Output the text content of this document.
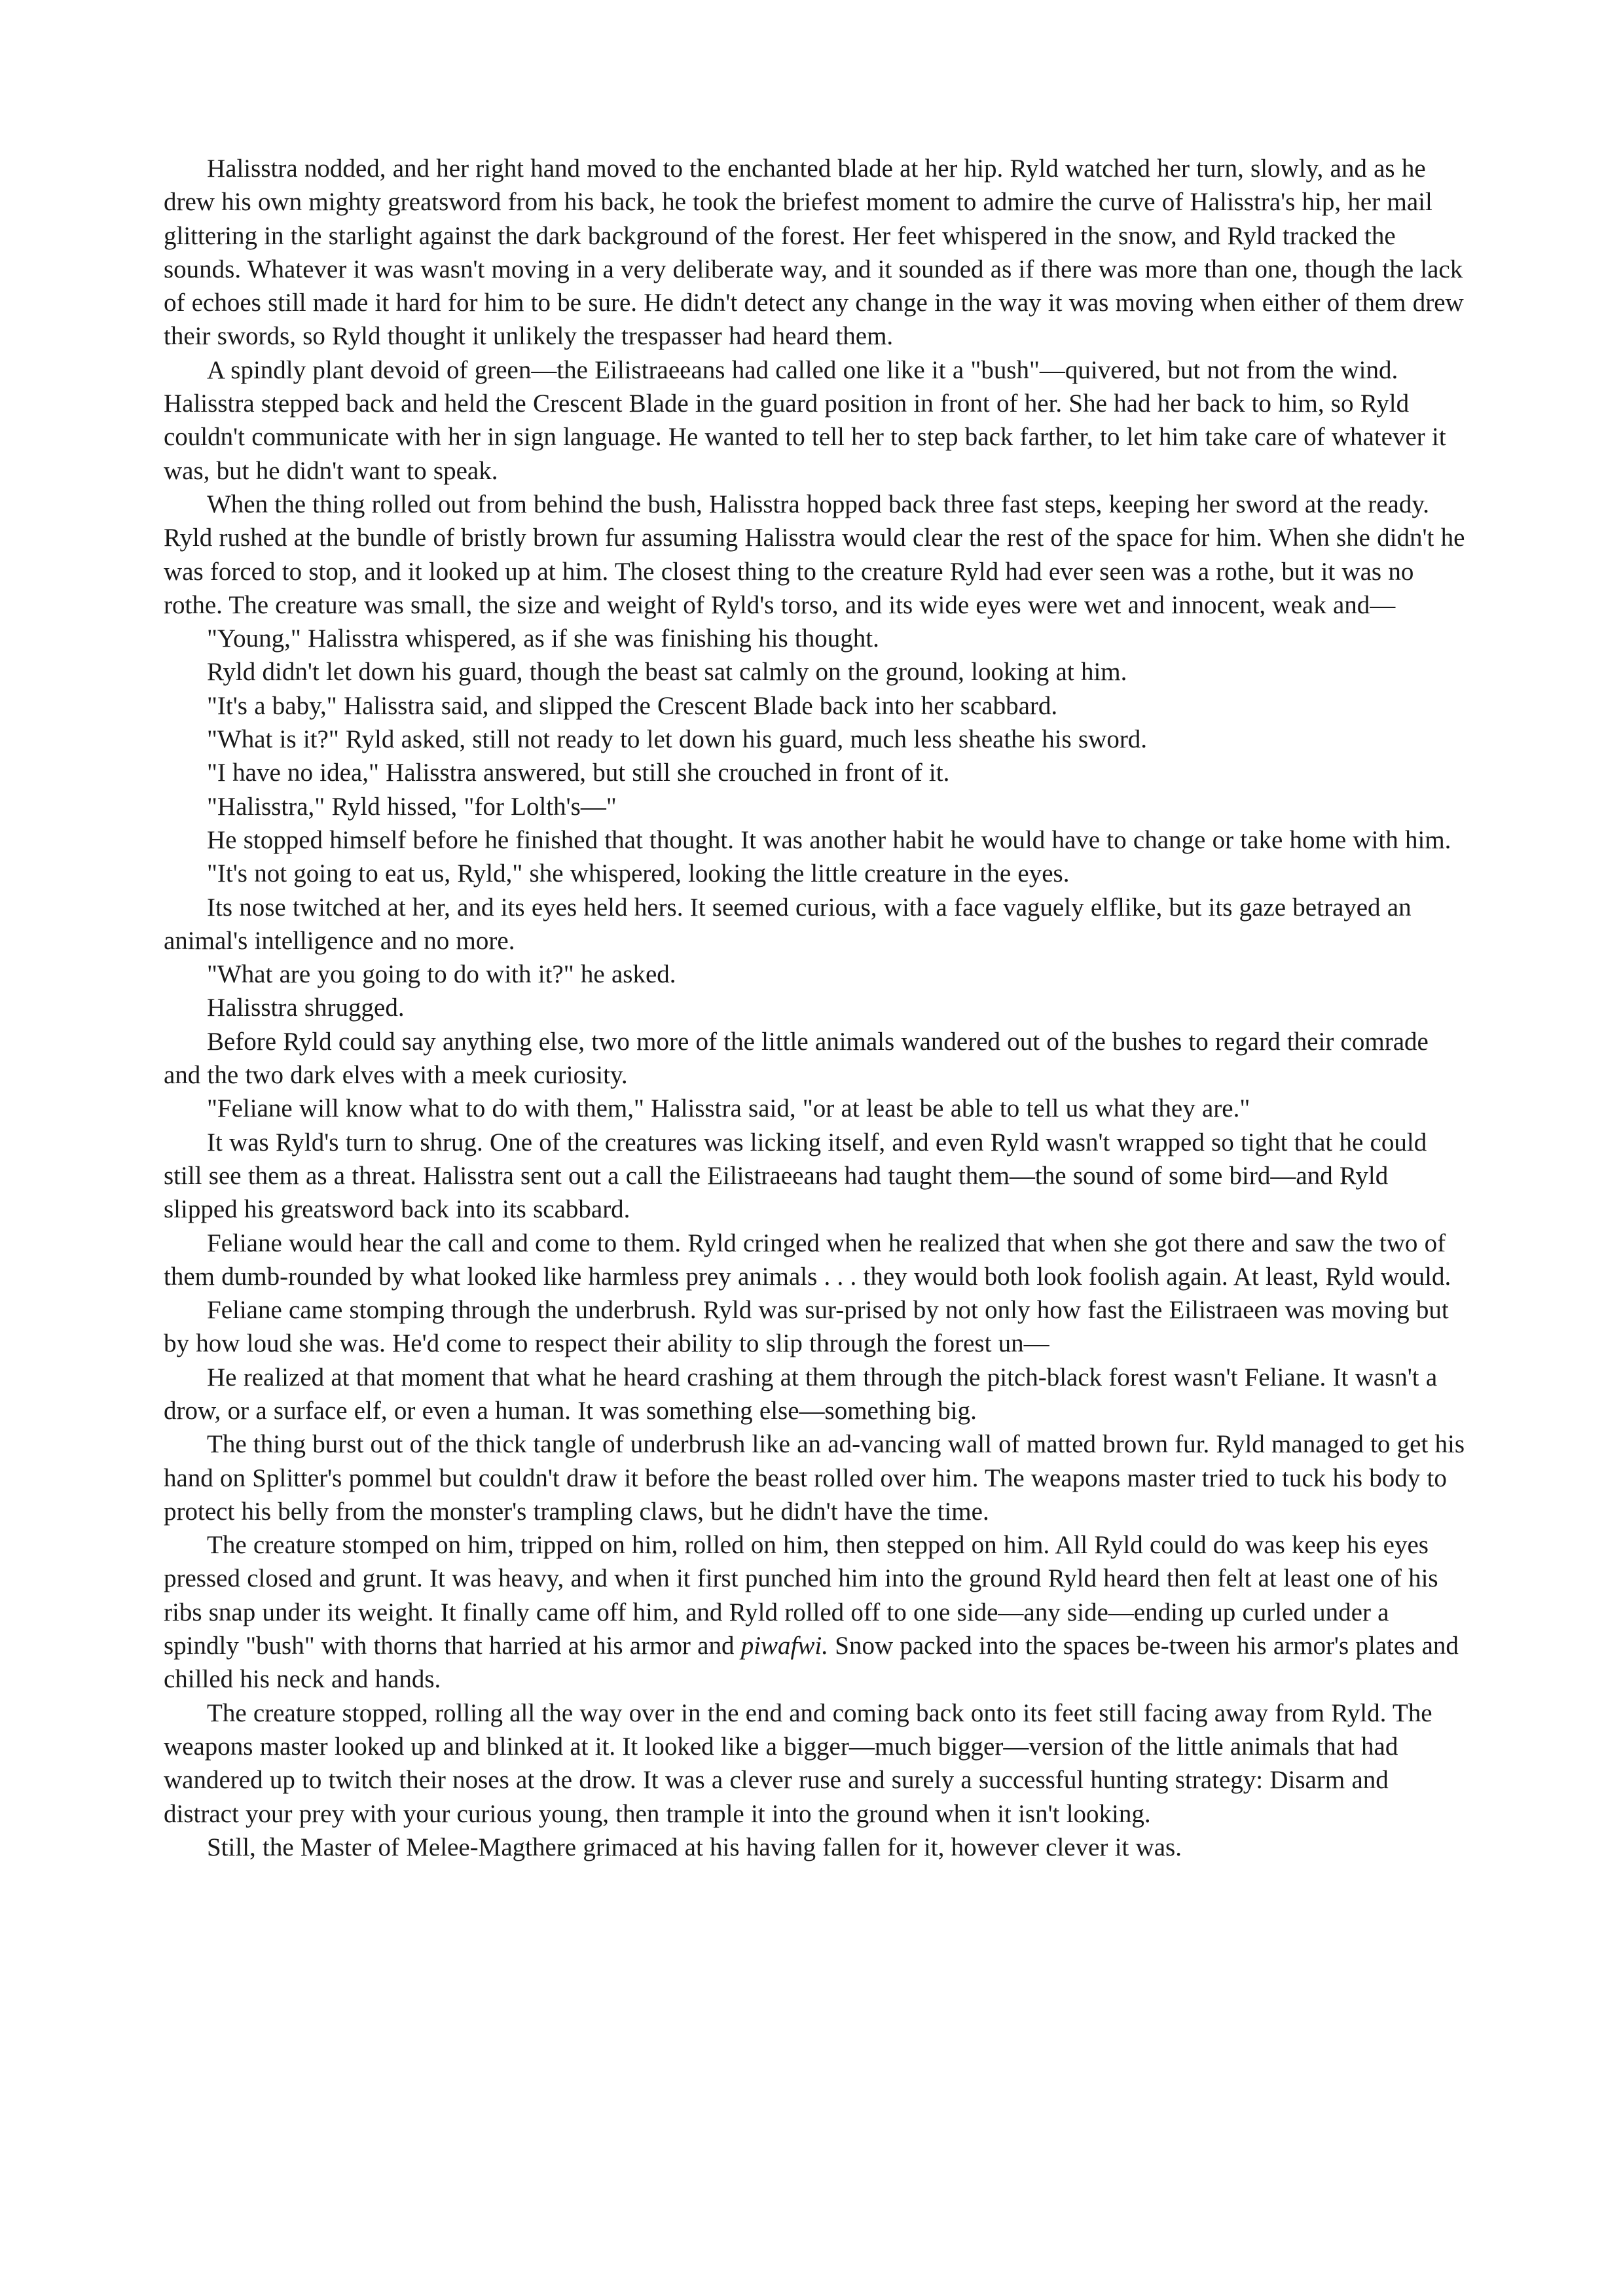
Halisstra nodded, and her right hand moved to the enchanted blade at her hip. Ryld watched her turn, slowly, and as he drew his own mighty greatsword from his back, he took the briefest moment to admire the curve of Halisstra's hip, her mail glittering in the starlight against the dark background of the forest. Her feet whispered in the snow, and Ryld tracked the sounds. Whatever it was wasn't moving in a very deliberate way, and it sounded as if there was more than one, though the lack of echoes still made it hard for him to be sure. He didn't detect any change in the way it was moving when either of them drew their swords, so Ryld thought it unlikely the trespasser had heard them.

A spindly plant devoid of green—the Eilistraeeans had called one like it a "bush"—quivered, but not from the wind. Halisstra stepped back and held the Crescent Blade in the guard position in front of her. She had her back to him, so Ryld couldn't communicate with her in sign language. He wanted to tell her to step back farther, to let him take care of whatever it was, but he didn't want to speak.

When the thing rolled out from behind the bush, Halisstra hopped back three fast steps, keeping her sword at the ready. Ryld rushed at the bundle of bristly brown fur assuming Halisstra would clear the rest of the space for him. When she didn't he was forced to stop, and it looked up at him. The closest thing to the creature Ryld had ever seen was a rothe, but it was no rothe. The creature was small, the size and weight of Ryld's torso, and its wide eyes were wet and innocent, weak and—

"Young," Halisstra whispered, as if she was finishing his thought.

Ryld didn't let down his guard, though the beast sat calmly on the ground, looking at him.

"It's a baby," Halisstra said, and slipped the Crescent Blade back into her scabbard.

"What is it?" Ryld asked, still not ready to let down his guard, much less sheathe his sword.

"I have no idea," Halisstra answered, but still she crouched in front of it.

"Halisstra," Ryld hissed, "for Lolth's—"

He stopped himself before he finished that thought. It was another habit he would have to change or take home with him.

"It's not going to eat us, Ryld," she whispered, looking the little creature in the eyes.

Its nose twitched at her, and its eyes held hers. It seemed curious, with a face vaguely elflike, but its gaze betrayed an animal's intelligence and no more.

"What are you going to do with it?" he asked.

Halisstra shrugged.

Before Ryld could say anything else, two more of the little animals wandered out of the bushes to regard their comrade and the two dark elves with a meek curiosity.

"Feliane will know what to do with them," Halisstra said, "or at least be able to tell us what they are."

It was Ryld's turn to shrug. One of the creatures was licking itself, and even Ryld wasn't wrapped so tight that he could still see them as a threat. Halisstra sent out a call the Eilistraeeans had taught them—the sound of some bird—and Ryld slipped his greatsword back into its scabbard.

Feliane would hear the call and come to them. Ryld cringed when he realized that when she got there and saw the two of them dumb-rounded by what looked like harmless prey animals . . . they would both look foolish again. At least, Ryld would.

Feliane came stomping through the underbrush. Ryld was sur-prised by not only how fast the Eilistraeen was moving but by how loud she was. He'd come to respect their ability to slip through the forest un—

He realized at that moment that what he heard crashing at them through the pitch-black forest wasn't Feliane. It wasn't a drow, or a surface elf, or even a human. It was something else—something big.

The thing burst out of the thick tangle of underbrush like an ad-vancing wall of matted brown fur. Ryld managed to get his hand on Splitter's pommel but couldn't draw it before the beast rolled over him. The weapons master tried to tuck his body to protect his belly from the monster's trampling claws, but he didn't have the time.

The creature stomped on him, tripped on him, rolled on him, then stepped on him. All Ryld could do was keep his eyes pressed closed and grunt. It was heavy, and when it first punched him into the ground Ryld heard then felt at least one of his ribs snap under its weight. It finally came off him, and Ryld rolled off to one side—any side—ending up curled under a spindly "bush" with thorns that harried at his armor and piwafwi. Snow packed into the spaces be-tween his armor's plates and chilled his neck and hands.

The creature stopped, rolling all the way over in the end and coming back onto its feet still facing away from Ryld. The weapons master looked up and blinked at it. It looked like a bigger—much bigger—version of the little animals that had wandered up to twitch their noses at the drow. It was a clever ruse and surely a successful hunting strategy: Disarm and distract your prey with your curious young, then trample it into the ground when it isn't looking.

Still, the Master of Melee-Magthere grimaced at his having fallen for it, however clever it was.
